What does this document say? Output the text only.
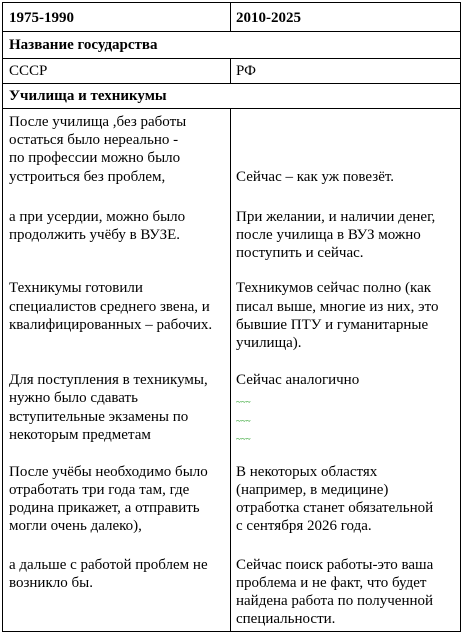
1975-1990	2010-2025
Название государства
СССР	РФ
Училища и техникумы
После училища ,без работы
остаться было нереально -
по профессии можно было
устроиться без проблем,
а при усердии, можно было
продолжить учёбу в ВУЗЕ.
Техникумы готовили
специалистов среднего звена, и
квалифицированных – рабочих.
Для поступления в техникумы,
нужно было сдавать
вступительные экзамены по
некоторым предметам
После учёбы необходимо было
отработать три года там, где
родина прикажет, а отправить
могли очень далеко),
а дальше с работой проблем не
возникло бы.
Сейчас – как уж повезёт.
При желании, и наличии денег,
после училища в ВУЗ можно
поступить и сейчас.
Техникумов сейчас полно (как
писал выше, многие из них, это
бывшие ПТУ и гуманитарные
училища).
Сейчас аналогично
~~~
~~~
~~~
В некоторых областях
(например, в медицине)
отработка станет обязательной
с сентября 2026 года.
Сейчас поиск работы-это ваша
проблема и не факт, что будет
найдена работа по полученной
специальности.
